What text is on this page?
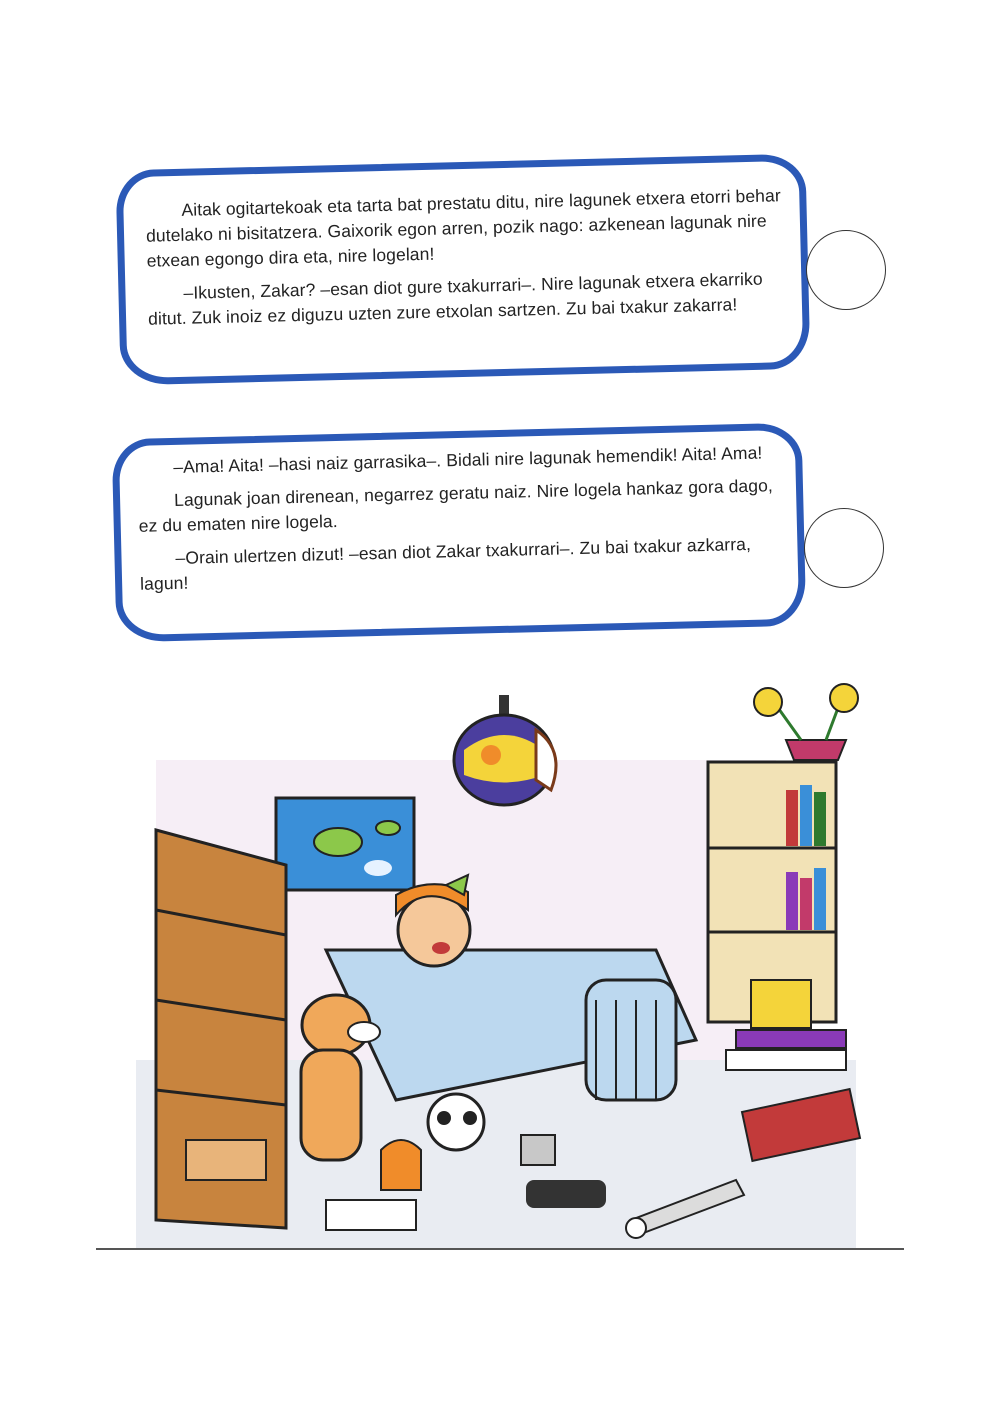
Aitak ogitartekoak eta tarta bat prestatu ditu, nire lagunek etxera etorri behar dutelako ni bisitatzera. Gaixorik egon arren, pozik nago: azkenean lagunak nire etxean egongo dira eta, nire logelan!

–Ikusten, Zakar? –esan diot gure txakurrari–. Nire lagunak etxera ekarriko ditut. Zuk inoiz ez diguzu uzten zure etxolan sartzen. Zu bai txakur zakarra!

–Ama! Aita! –hasi naiz garrasika–. Bidali nire lagunak hemendik! Aita! Ama!

Lagunak joan direnean, negarrez geratu naiz. Nire logela hankaz gora dago, ez du ematen nire logela.

–Orain ulertzen dizut! –esan diot Zakar txakurrari–. Zu bai txakur azkarra, lagun!
